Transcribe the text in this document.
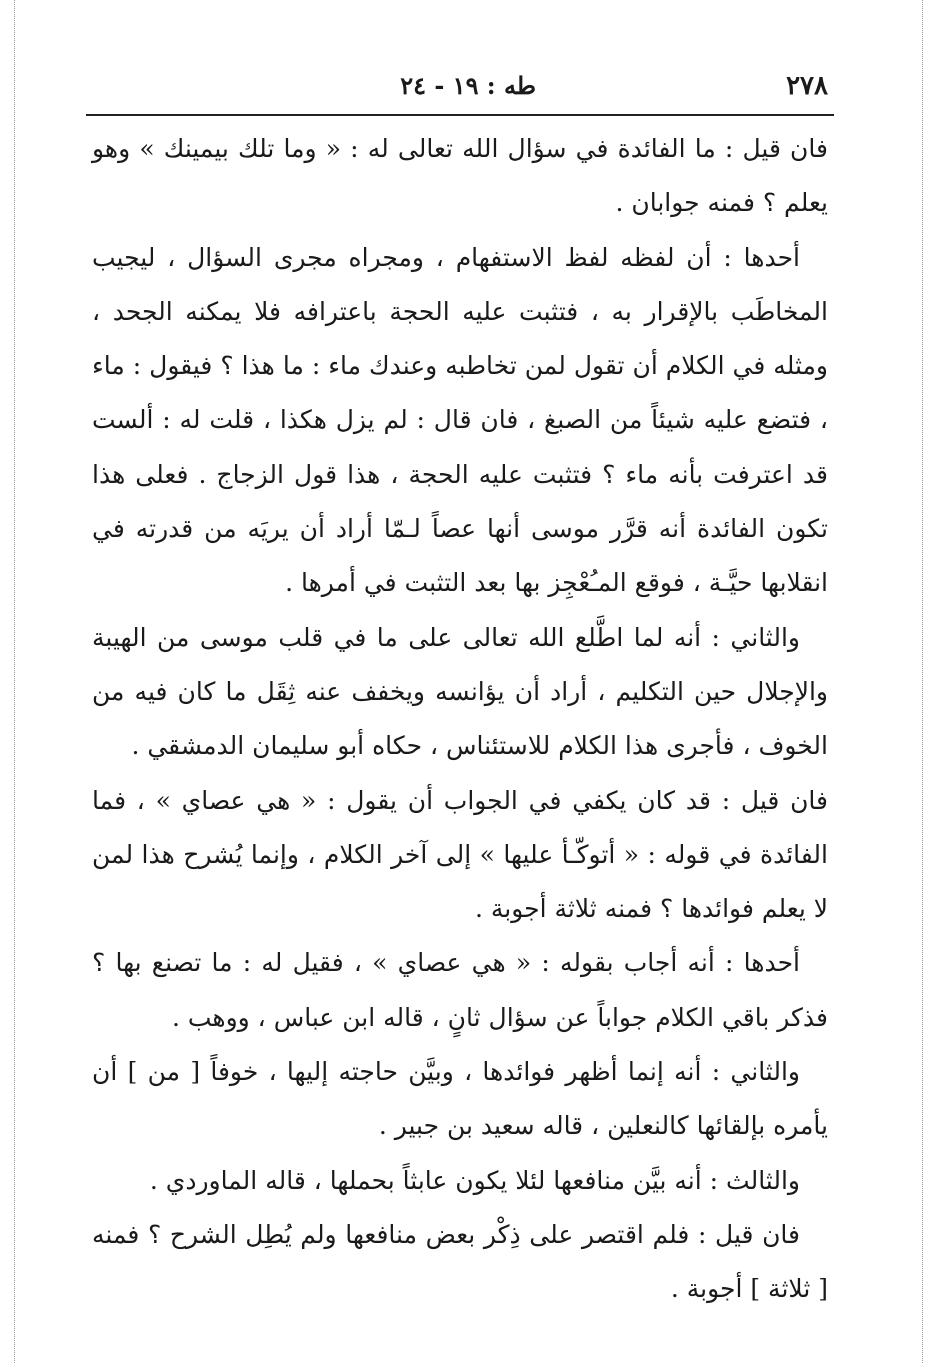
٢٧٨
طه : ١٩ - ٢٤

فان قيل : ما الفائدة في سؤال الله تعالى له : « وما تلك بيمينك » وهو يعلم ؟ فمنه جوابان .

أحدها : أن لفظه لفظ الاستفهام ، ومجراه مجرى السؤال ، ليجيب المخاطَب بالإقرار به ، فتثبت عليه الحجة باعترافه فلا يمكنه الجحد ، ومثله في الكلام أن تقول لمن تخاطبه وعندك ماء : ما هذا ؟ فيقول : ماء ، فتضع عليه شيئاً من الصبغ ، فان قال : لم يزل هكذا ، قلت له : ألست قد اعترفت بأنه ماء ؟ فتثبت عليه الحجة ، هذا قول الزجاج . فعلى هذا تكون الفائدة أنه قرَّر موسى أنها عصاً لـمّا أراد أن يريَه من قدرته في انقلابها حيَّـة ، فوقع المـُعْجِز بها بعد التثبت في أمرها .

والثاني : أنه لما اطَّلع الله تعالى على ما في قلب موسى من الهيبة والإجلال حين التكليم ، أراد أن يؤانسه ويخفف عنه ثِقَل ما كان فيه من الخوف ، فأجرى هذا الكلام للاستئناس ، حكاه أبو سليمان الدمشقي .

فان قيل : قد كان يكفي في الجواب أن يقول : « هي عصاي » ، فما الفائدة في قوله : « أتوكّـأ عليها » إلى آخر الكلام ، وإنما يُشرح هذا لمن لا يعلم فوائدها ؟ فمنه ثلاثة أجوبة .

أحدها : أنه أجاب بقوله : « هي عصاي » ، فقيل له : ما تصنع بها ؟ فذكر باقي الكلام جواباً عن سؤال ثانٍ ، قاله ابن عباس ، ووهب .

والثاني : أنه إنما أظهر فوائدها ، وبيَّن حاجته إليها ، خوفاً [ من ] أن يأمره بإلقائها كالنعلين ، قاله سعيد بن جبير .

والثالث : أنه بيَّن منافعها لئلا يكون عابثاً بحملها ، قاله الماوردي .

فان قيل : فلم اقتصر على ذِكْر بعض منافعها ولم يُطِل الشرح ؟ فمنه [ ثلاثة ] أجوبة .
